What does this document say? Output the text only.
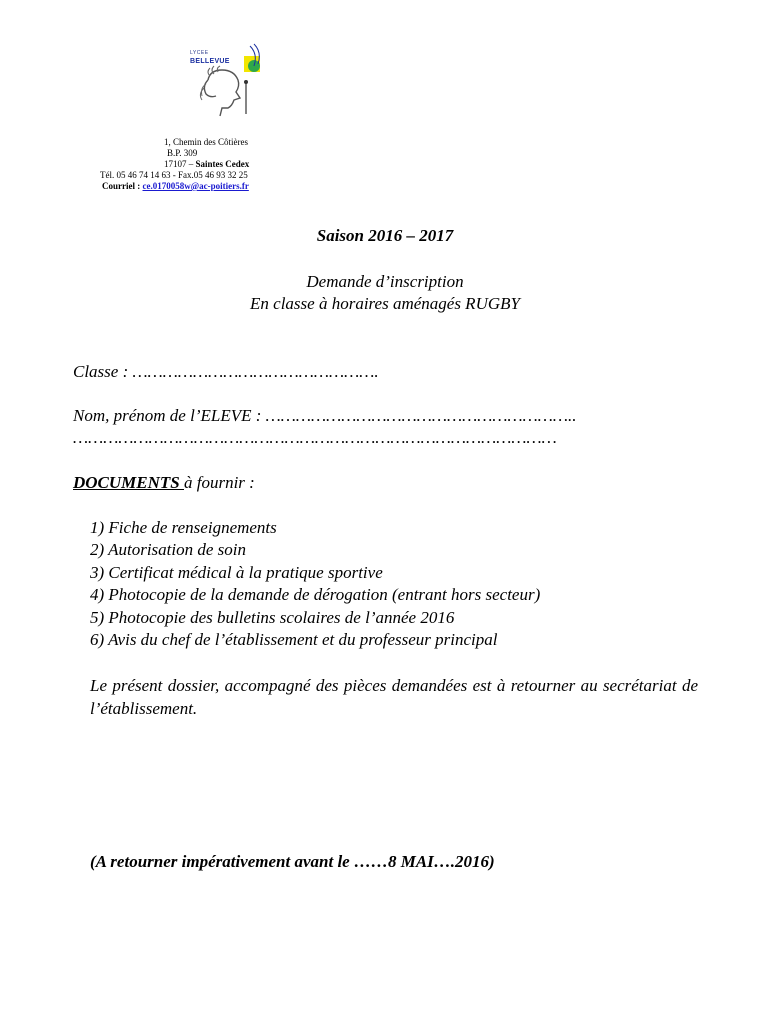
LYCEE
BELLEVUE
1, Chemin des Côtières
B.P. 309
17107 – Saintes Cedex
Tél. 05 46 74 14 63 - Fax.05 46 93 32 25
Courriel : ce.0170058w@ac-poitiers.fr
Saison 2016 – 2017
Demande d’inscription
En classe à horaires aménagés RUGBY
Classe : ………………………………………….
Nom, prénom de l’ELEVE : ……………………………………………………..
……………………………………………………………………………………
DOCUMENTS à fournir :
1) Fiche de renseignements
2) Autorisation de soin
3) Certificat médical à la pratique sportive
4) Photocopie de la demande de dérogation (entrant hors secteur)
5) Photocopie des bulletins scolaires de l’année 2016
6) Avis du chef de l’établissement et du professeur principal
Le présent dossier, accompagné des pièces demandées est à retourner au secrétariat de l’établissement.
(A retourner impérativement avant le ……8 MAI….2016)
